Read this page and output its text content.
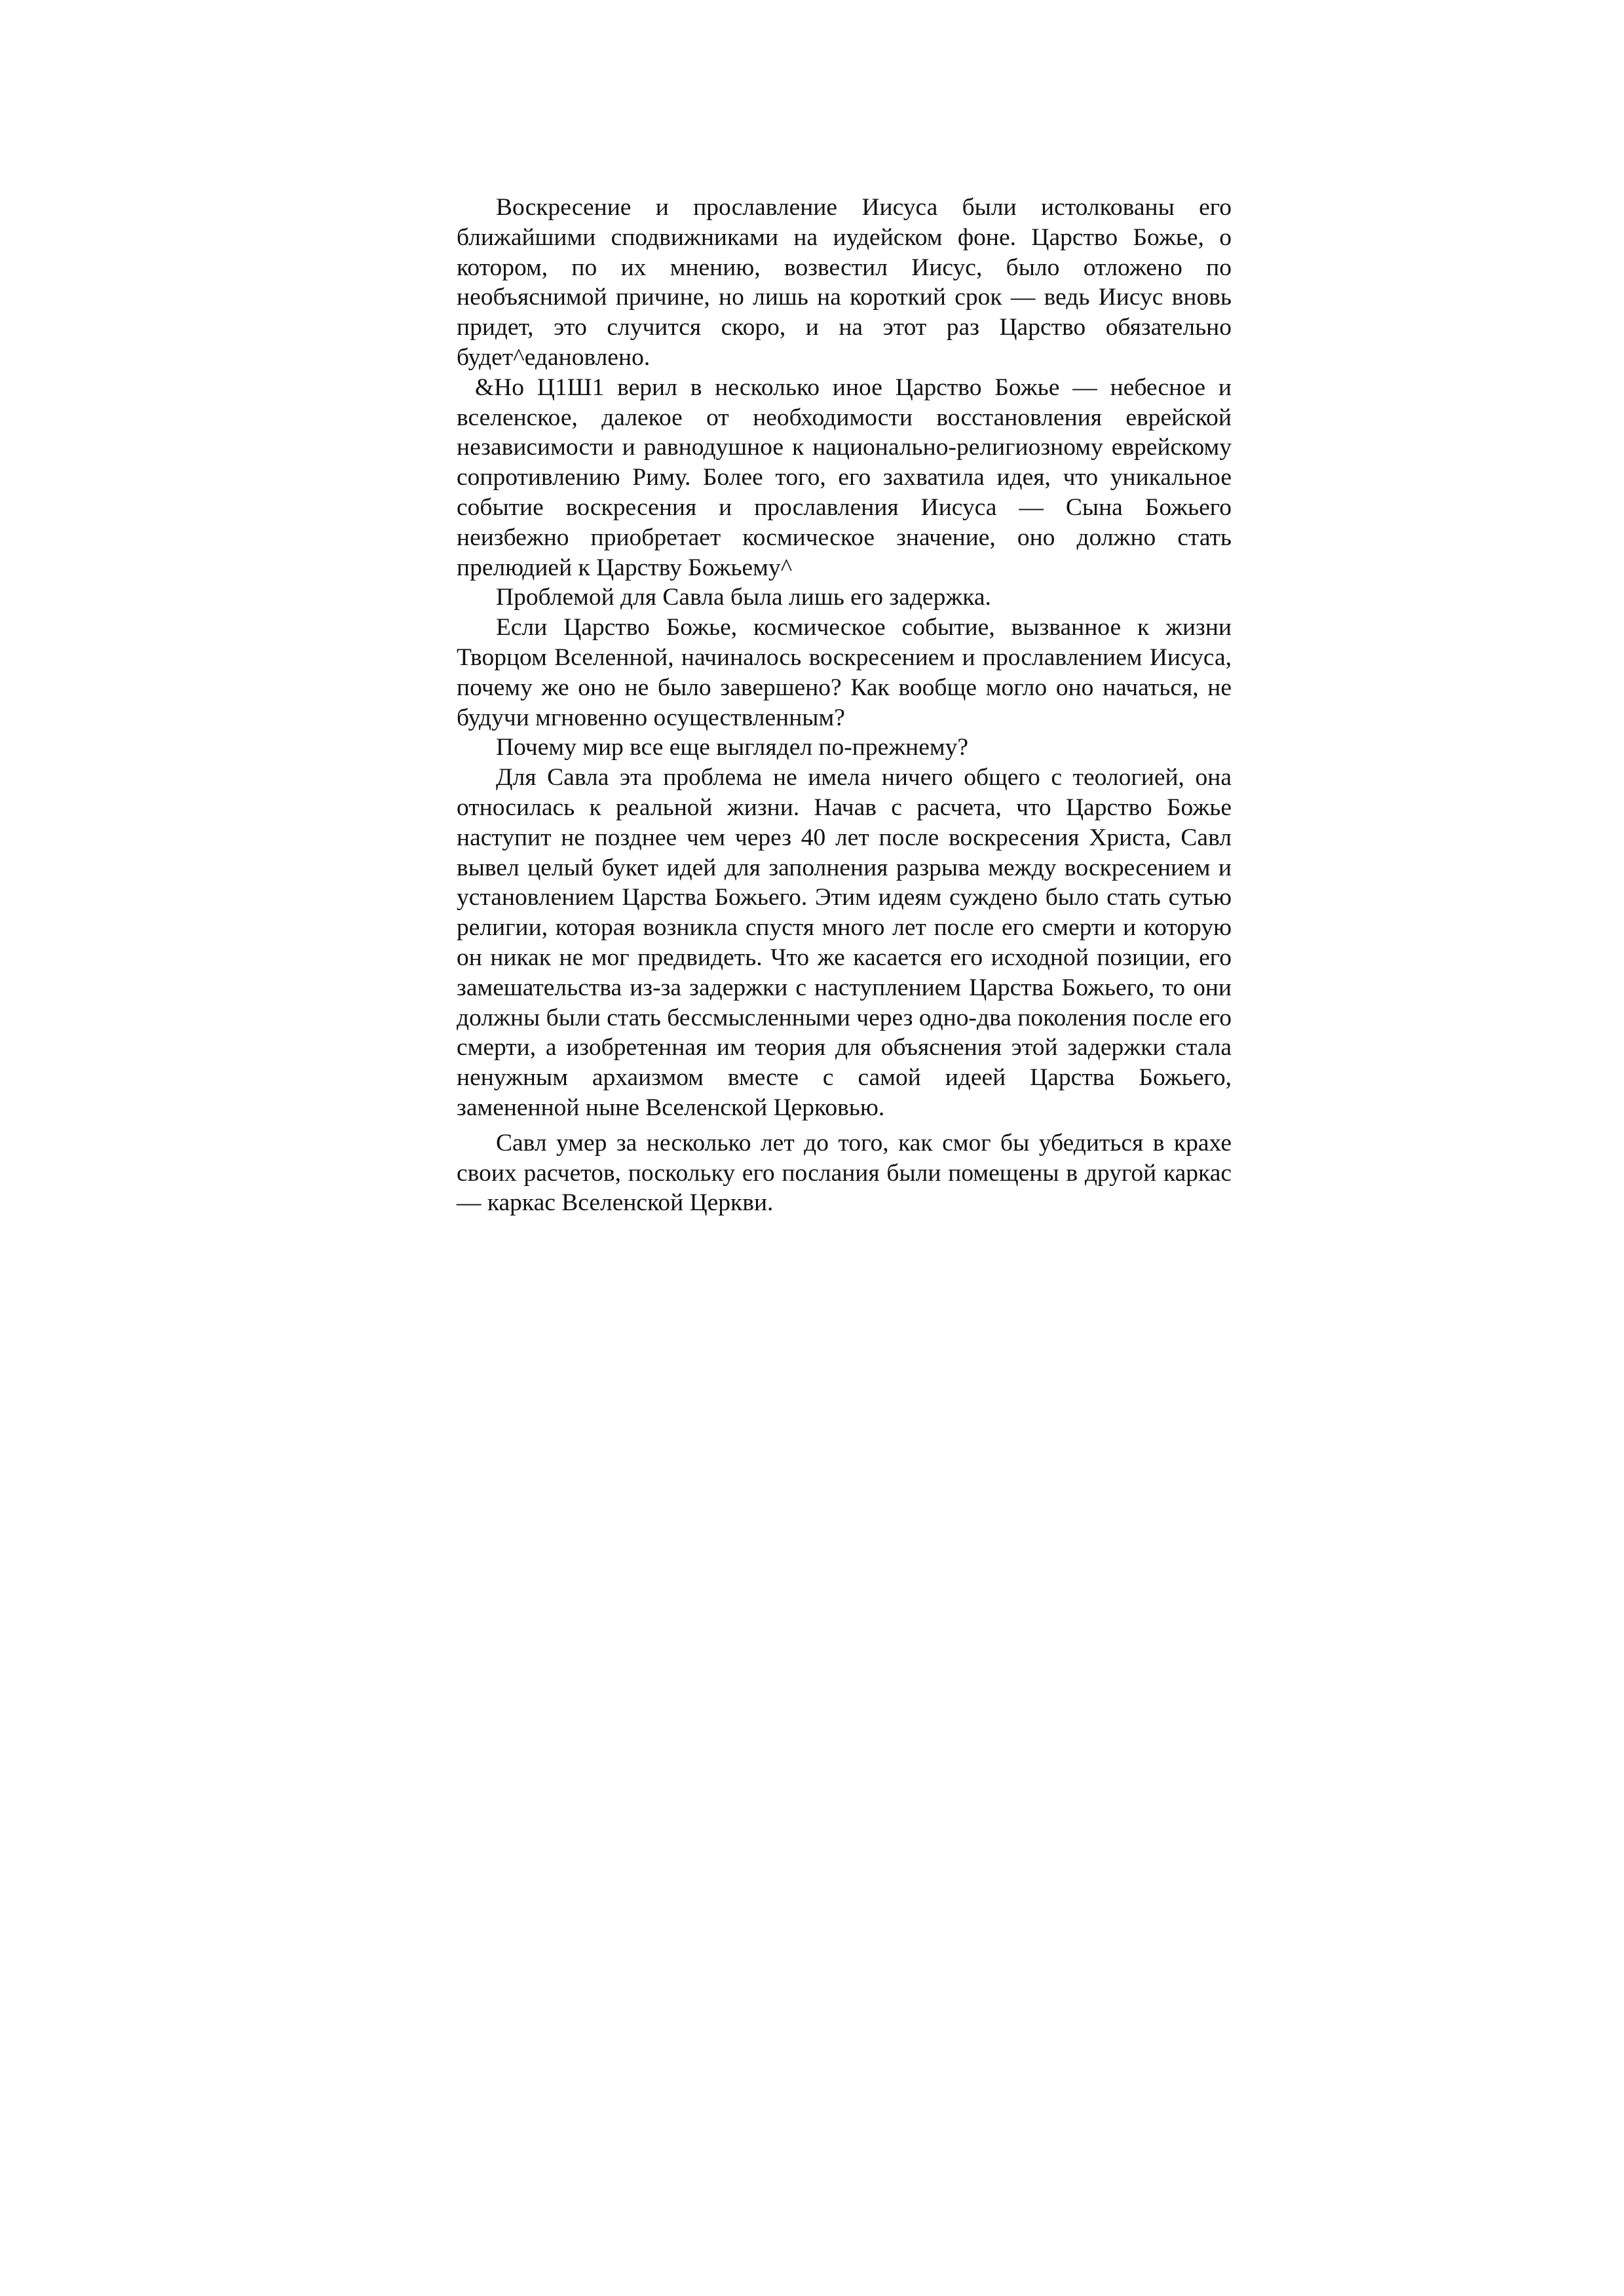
Воскресение и прославление Иисуса были истолкованы его ближайшими сподвижниками на иудейском фоне. Царство Божье, о котором, по их мнению, возвестил Иисус, было отложено по необъяснимой причине, но лишь на короткий срок — ведь Иисус вновь придет, это случится скоро, и на этот раз Царство обязательно будет^едановлено.

&Но Ц1Ш1 верил в несколько иное Царство Божье — небесное и вселенское, далекое от необходимости восстановления еврейской независимости и равнодушное к национально-религиозному еврейскому сопротивлению Риму. Более того, его захватила идея, что уникальное событие воскресения и прославления Иисуса — Сына Божьего неизбежно приобретает космическое значение, оно должно стать прелюдией к Царству Божьему^

Проблемой для Савла была лишь его задержка.

Если Царство Божье, космическое событие, вызванное к жизни Творцом Вселенной, начиналось воскресением и прославлением Иисуса, почему же оно не было завершено? Как вообще могло оно начаться, не будучи мгновенно осуществленным?

Почему мир все еще выглядел по-прежнему?

Для Савла эта проблема не имела ничего общего с теологией, она относилась к реальной жизни. Начав с расчета, что Царство Божье наступит не позднее чем через 40 лет после воскресения Христа, Савл вывел целый букет идей для заполнения разрыва между воскресением и установлением Царства Божьего. Этим идеям суждено было стать сутью религии, которая возникла спустя много лет после его смерти и которую он никак не мог предвидеть. Что же касается его исходной позиции, его замешательства из-за задержки с наступлением Царства Божьего, то они должны были стать бессмысленными через одно-два поколения после его смерти, а изобретенная им теория для объяснения этой задержки стала ненужным архаизмом вместе с самой идеей Царства Божьего, замененной ныне Вселенской Церковью.

Савл умер за несколько лет до того, как смог бы убедиться в крахе своих расчетов, поскольку его послания были помещены в другой каркас — каркас Вселенской Церкви.
